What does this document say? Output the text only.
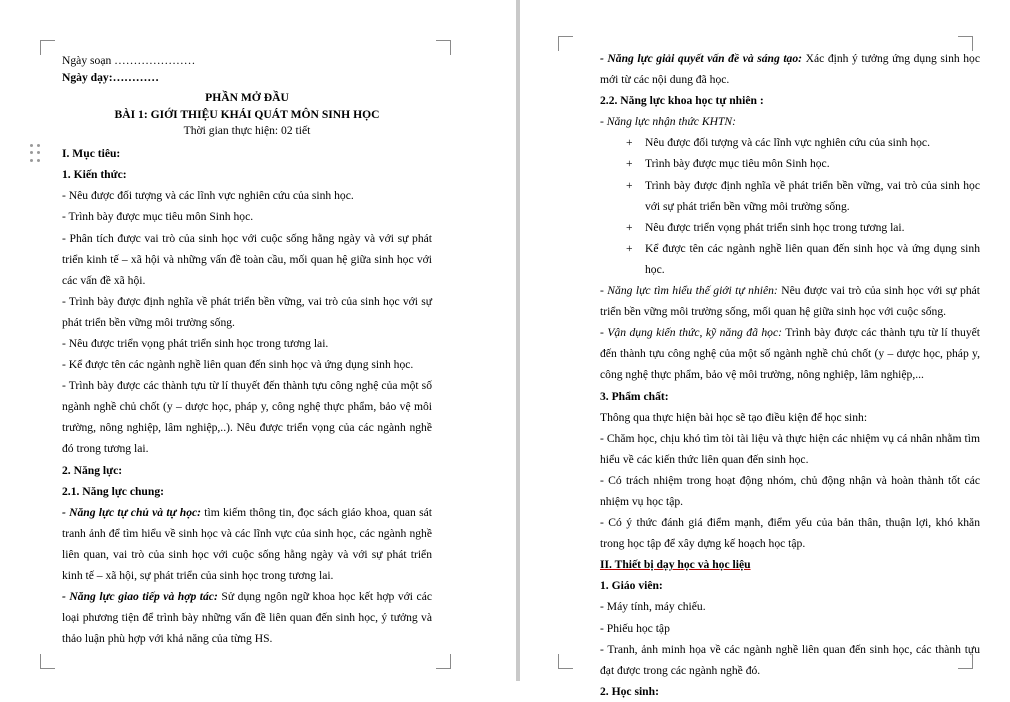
Ngày soạn …………………

Ngày dạy:…………

PHẦN MỞ ĐẦU

BÀI 1: GIỚI THIỆU KHÁI QUÁT MÔN SINH HỌC

Thời gian thực hiện: 02 tiết

I. Mục tiêu:

1. Kiến thức:

- Nêu được đối tượng và các lĩnh vực nghiên cứu của sinh học.

- Trình bày được mục tiêu môn Sinh học.

- Phân tích được vai trò của sinh học với cuộc sống hằng ngày và với sự phát triển kinh tế – xã hội và những vấn đề toàn cầu, mối quan hệ giữa sinh học với các vấn đề xã hội.

- Trình bày được định nghĩa về phát triển bền vững, vai trò của sinh học với sự phát triển bền vững môi trường sống.

- Nêu được triển vọng phát triển sinh học trong tương lai.

- Kể được tên các ngành nghề liên quan đến sinh học và ứng dụng sinh học.

- Trình bày được các thành tựu từ lí thuyết đến thành tựu công nghệ của một số ngành nghề chủ chốt (y – dược học, pháp y, công nghệ thực phẩm, bảo vệ môi trường, nông nghiệp, lâm nghiệp,..). Nêu được triển vọng của các ngành nghề đó trong tương lai.

2. Năng lực:

2.1. Năng lực chung:

- Năng lực tự chủ và tự học: tìm kiếm thông tin, đọc sách giáo khoa, quan sát tranh ảnh để tìm hiểu về sinh học và các lĩnh vực của sinh học, các ngành nghề liên quan, vai trò của sinh học với cuộc sống hằng ngày và với sự phát triển kinh tế – xã hội, sự phát triển của sinh học trong tương lai.

- Năng lực giao tiếp và hợp tác: Sử dụng ngôn ngữ khoa học kết hợp với các loại phương tiện để trình bày những vấn đề liên quan đến sinh học, ý tưởng và thảo luận phù hợp với khả năng của từng HS.

- Năng lực giải quyết vấn đề và sáng tạo: Xác định ý tưởng ứng dụng sinh học mới từ các nội dung đã học.

2.2. Năng lực khoa học tự nhiên :

- Năng lực nhận thức KHTN:

+ Nêu được đối tượng và các lĩnh vực nghiên cứu của sinh học.
+ Trình bày được mục tiêu môn Sinh học.
+ Trình bày được định nghĩa về phát triển bền vững, vai trò của sinh học với sự phát triển bền vững môi trường sống.
+ Nêu được triển vọng phát triển sinh học trong tương lai.
+ Kể được tên các ngành nghề liên quan đến sinh học và ứng dụng sinh học.

- Năng lực tìm hiểu thế giới tự nhiên: Nêu được vai trò của sinh học với sự phát triển bền vững môi trường sống, mối quan hệ giữa sinh học với cuộc sống.

- Vận dụng kiến thức, kỹ năng đã học: Trình bày được các thành tựu từ lí thuyết đến thành tựu công nghệ của một số ngành nghề chủ chốt (y – dược học, pháp y, công nghệ thực phẩm, bảo vệ môi trường, nông nghiệp, lâm nghiệp,...

3. Phẩm chất:

Thông qua thực hiện bài học sẽ tạo điều kiện để học sinh:

- Chăm học, chịu khó tìm tòi tài liệu và thực hiện các nhiệm vụ cá nhân nhằm tìm hiểu về các kiến thức liên quan đến sinh học.

- Có trách nhiệm trong hoạt động nhóm, chủ động nhận và hoàn thành tốt các nhiệm vụ học tập.

- Có ý thức đánh giá điểm mạnh, điểm yếu của bản thân, thuận lợi, khó khăn trong học tập để xây dựng kế hoạch học tập.

II. Thiết bị dạy học và học liệu

1. Giáo viên:

- Máy tính, máy chiếu.

- Phiếu học tập

- Tranh, ảnh minh họa về các ngành nghề liên quan đến sinh học, các thành tựu đạt được trong các ngành nghề đó.

2. Học sinh:
